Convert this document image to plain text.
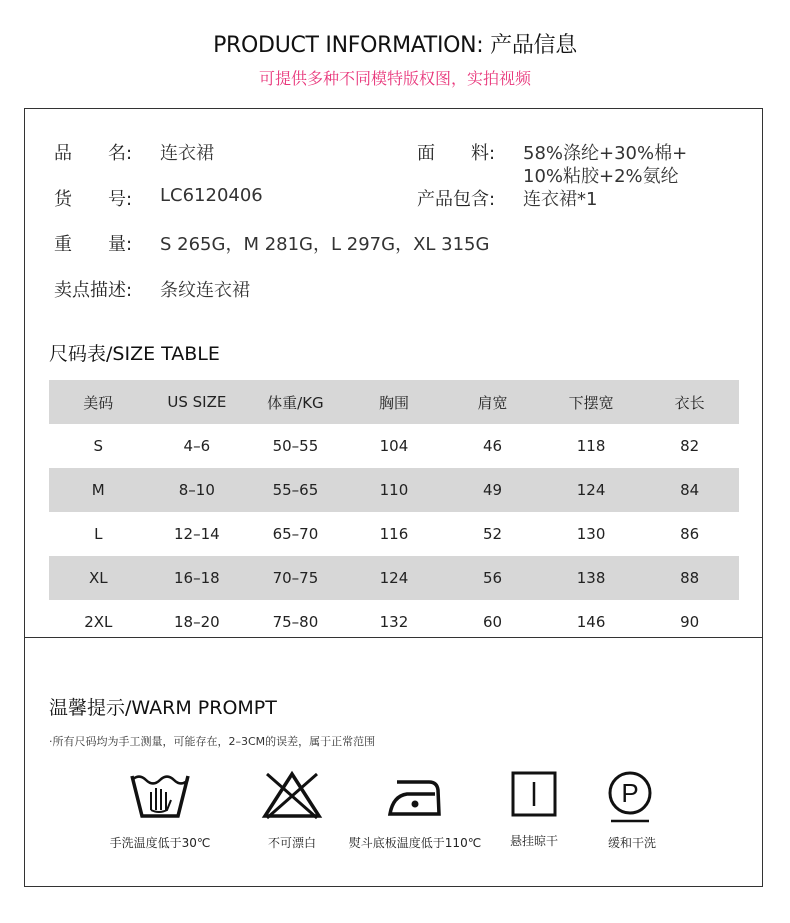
PRODUCT INFORMATION: 产品信息
可提供多种不同模特版权图，实拍视频
品　　名: 连衣裙	面　　料: 58%涤纶+30%棉+
10%粘胶+2%氨纶
货　　号: LC6120406	产品包含: 连衣裙*1
重　　量: S 265G，M 281G，L 297G，XL 315G
卖点描述: 条纹连衣裙
尺码表/SIZE TABLE
美码	US SIZE	体重/KG	胸围	肩宽	下摆宽	衣长
S	4–6	50–55	104	46	118	82
M	8–10	55–65	110	49	124	84
L	12–14	65–70	116	52	130	86
XL	16–18	70–75	124	56	138	88
2XL	18–20	75–80	132	60	146	90
温馨提示/WARM PROMPT
·所有尺码均为手工测量，可能存在，2–3CM的误差，属于正常范围
手洗温度低于30℃	不可漂白	熨斗底板温度低于110℃	悬挂晾干
P
缓和干洗
